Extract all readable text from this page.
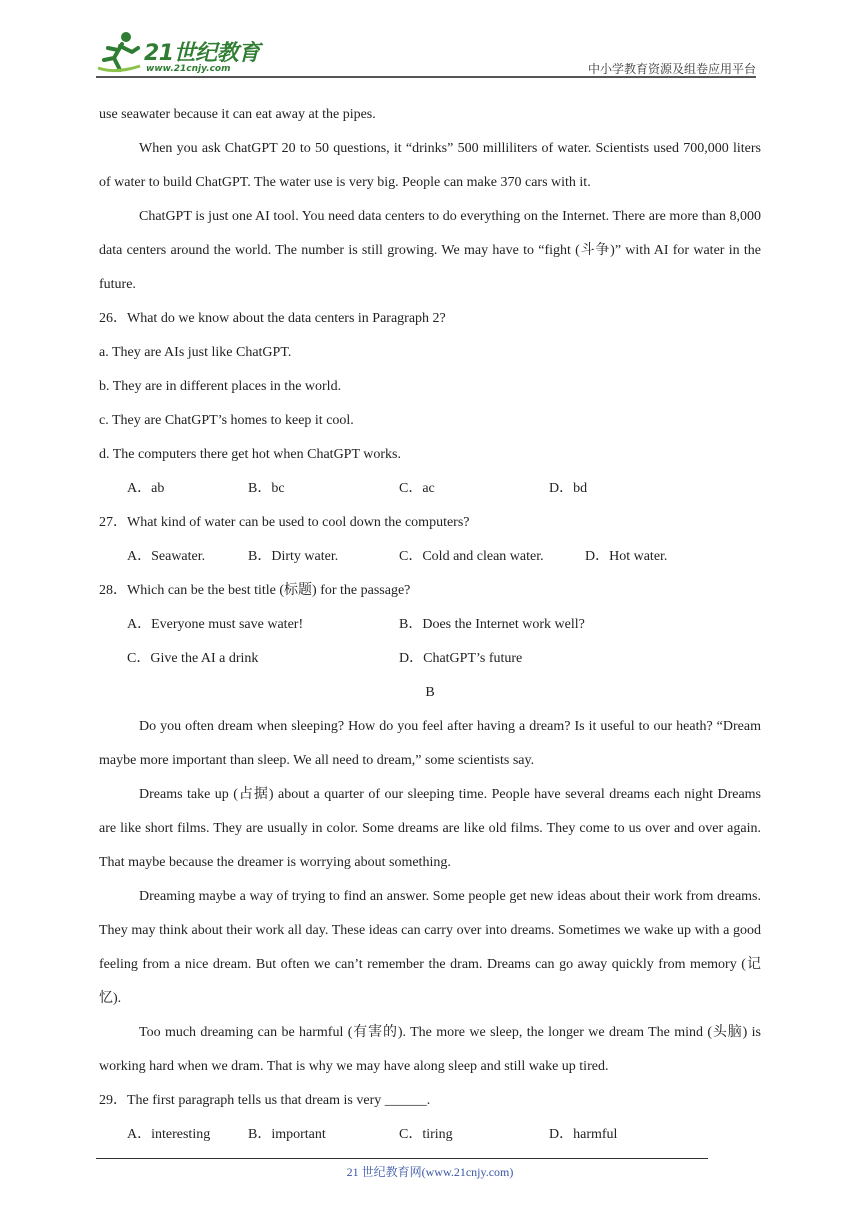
21世纪教育
www.21cnjy.com	中小学教育资源及组卷应用平台

use seawater because it can eat away at the pipes.

When you ask ChatGPT 20 to 50 questions, it “drinks” 500 milliliters of water. Scientists used 700,000 liters of water to build ChatGPT. The water use is very big. People can make 370 cars with it.

ChatGPT is just one AI tool. You need data centers to do everything on the Internet. There are more than 8,000 data centers around the world. The number is still growing. We may have to “fight (斗争)” with AI for water in the future.

26．What do we know about the data centers in Paragraph 2?

a. They are AIs just like ChatGPT.

b. They are in different places in the world.

c. They are ChatGPT’s homes to keep it cool.

d. The computers there get hot when ChatGPT works.

A．ab	B．bc	C．ac	D．bd

27．What kind of water can be used to cool down the computers?

A．Seawater.	B．Dirty water.	C．Cold and clean water.	D．Hot water.

28．Which can be the best title (标题) for the passage?

A．Everyone must save water!	B．Does the Internet work well?
C．Give the AI a drink	D．ChatGPT’s future

B

Do you often dream when sleeping? How do you feel after having a dream? Is it useful to our heath? “Dream maybe more important than sleep. We all need to dream,” some scientists say.

Dreams take up (占据) about a quarter of our sleeping time. People have several dreams each night Dreams are like short films. They are usually in color. Some dreams are like old films. They come to us over and over again. That maybe because the dreamer is worrying about something.

Dreaming maybe a way of trying to find an answer. Some people get new ideas about their work from dreams. They may think about their work all day. These ideas can carry over into dreams. Sometimes we wake up with a good feeling from a nice dream. But often we can’t remember the dram. Dreams can go away quickly from memory (记忆).

Too much dreaming can be harmful (有害的). The more we sleep, the longer we dream The mind (头脑) is working hard when we dram. That is why we may have along sleep and still wake up tired.

29．The first paragraph tells us that dream is very ______.

A．interesting	B．important	C．tiring	D．harmful
21 世纪教育网(www.21cnjy.com)
